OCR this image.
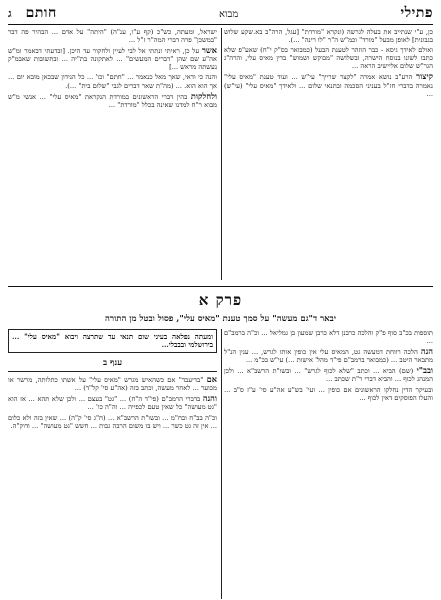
פתילי
מבוא
חותם
ג

כן, ע"י שנתייב את בעלה לגרשה (ונקרא "מורדת" [עגל, הרה"ב בא.שקע שלוש בגבונית] לאופן מבעל "מורד" וכמ"ש ה"ר "לו רינה" ...).

ואולם לאידך גיסא - כבר הוזהר לטענת הבעל (כמבואר בס"ק י"ח) שאע"פ שלא כתבו לשונו בנוסח הישרה, ובשלושה "מבוקש ושמוש" בדין מאיס עלי, והרה"ג הגר"ש שלום אליישיב הראה ...

קיצור הרע"ב נושא אמרה "לקצר שרייך" עי"ש ... ועוד טענת "מאיס עלי" נאמרה בדברי חז"ל בעניני הסכמה ובתנאי שלום ... ולאידך "מאיס עלי" (עי"ש) ...

ישראל, ומעתה, כש"כ (קף ע"ו, ענ"ה) "היתה" על אדם ... הבהיר פה דבר "במשכן" פרה דברי המה"ר ז"ל ...

אשר על כן, ראיתי ונתתי אל לבי לעיין ולחקור עד היכן. [ובדעתי דבאמר ומ"ש אה"ע שם שהן "דברים המעשים" ... לאתקונה בת"יה ... ובתשובות שאבמ"ק נעשתה מראש ...]

והנה כי ודאי, שאך מאל כנאמר ... "חתם" וכו' ... כל הנידון שבכאן מובא יום ... אך הוא הוא. ... (מה"ת שאר דברים לגבי "שלום בית" ...).

ולחלקות בהין דברי הראשונים במורדת הנקראת "מאיס עלי" ... אנשי מ"ש מבוא ר"ח למדנו שאינה בכלל "מורדת" ...

פרק א

יבאר ד"גם מעשה" על סמך טענת "מאיס עלי", פסול ובטל מן התורה

תוספות בכ"ב סוף פ"ק והלכה כרבנן דלא כרבן שמעון בן גמליאל ... וכ"ה ברמב"ם ...

הנה הלכה רווחת דמעשה גט, המאיס עלי אין כופין אותו לגרש, ... ענין הנ"ל מתבאר היטב ... (כמבואר ברמב"ם פי"ד מהל' אישות ...) עי"ש בכ"מ ...

ובב"י (שם) הביא ... וכתב "שלא לכוף לגרש" ... ובשו"ת הרשב"א ... ולכן המנהג לכוף ... והביא דברי ר"ת שכתב ...

ובעיקר הדין נחלקו הראשונים אם כופין ... ועי' בש"ע אה"ע סי' ע"ז ס"ב ... והעלו הפוסקים דאין לכוף ...

ומעתה נפלאה בעיני שום תנאי עד שתרצה ויבוא "מאיס עלי" ... בירושלמי ובבבלי...

ענף ב

אם "בדיעבד" אם כשהאיש מגרש "מאיס עלי" על אשתו כתלותה, מרשר או מכוער ... לאחר מעשה, וכתב בזה (אה"ע סי' קל"ד) ...

והנה בדברי הרמב"ם (פי"ד ה"ח) ... "גט" בעצם ... ולכן שלא תהא ... אז הוא "גט מעושה" כל שאין טעם לכפייה ... וה"ה כו' ...

וכ"ה בב"ח ובח"מ ... ובשו"ת הרשב"א ... (ח"ג סי' ק"ה) ... שאין בזה ולא כלום ... אין זה גט כשר ... ויש בו משום הרבה גבות ... חשש "גט מעושה" ... ודוק"ה.
